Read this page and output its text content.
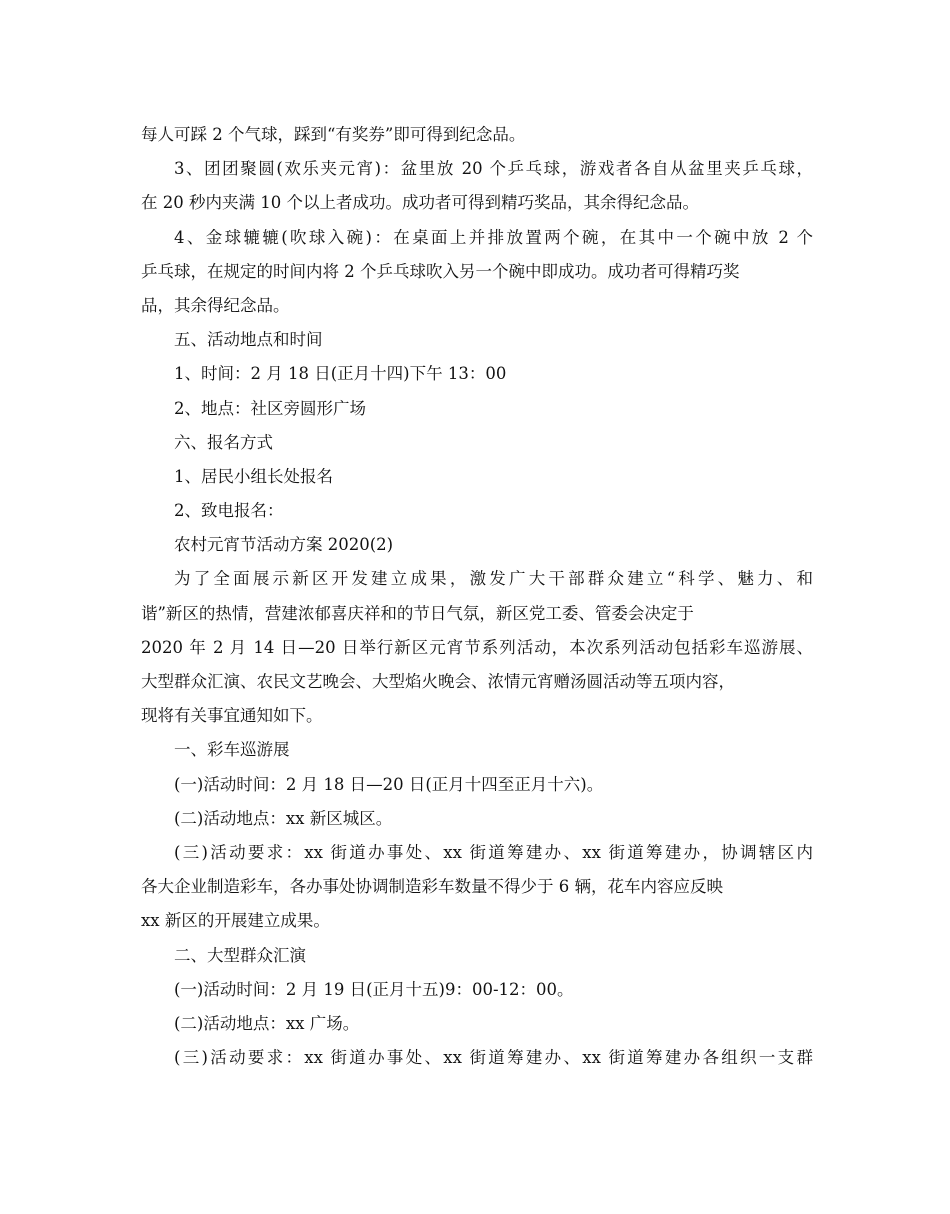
每人可踩 2 个气球，踩到“有奖券”即可得到纪念品。
3、团团聚圆(欢乐夹元宵)：盆里放 20 个乒乓球，游戏者各自从盆里夹乒乓球，
在 20 秒内夹满 10 个以上者成功。成功者可得到精巧奖品，其余得纪念品。
4、金球辘辘(吹球入碗)：在桌面上并排放置两个碗，在其中一个碗中放 2 个
乒乓球，在规定的时间内将 2 个乒乓球吹入另一个碗中即成功。成功者可得精巧奖
品，其余得纪念品。
五、活动地点和时间
1、时间：2 月 18 日(正月十四)下午 13：00
2、地点：社区旁圆形广场
六、报名方式
1、居民小组长处报名
2、致电报名：
农村元宵节活动方案 2020(2)
为了全面展示新区开发建立成果，激发广大干部群众建立“科学、魅力、和
谐”新区的热情，营建浓郁喜庆祥和的节日气氛，新区党工委、管委会决定于
2020 年 2 月 14 日—20 日举行新区元宵节系列活动，本次系列活动包括彩车巡游展、
大型群众汇演、农民文艺晚会、大型焰火晚会、浓情元宵赠汤圆活动等五项内容，
现将有关事宜通知如下。
一、彩车巡游展
(一)活动时间：2 月 18 日—20 日(正月十四至正月十六)。
(二)活动地点：xx 新区城区。
(三)活动要求：xx 街道办事处、xx 街道筹建办、xx 街道筹建办，协调辖区内
各大企业制造彩车，各办事处协调制造彩车数量不得少于 6 辆，花车内容应反映
xx 新区的开展建立成果。
二、大型群众汇演
(一)活动时间：2 月 19 日(正月十五)9：00-12：00。
(二)活动地点：xx 广场。
(三)活动要求：xx 街道办事处、xx 街道筹建办、xx 街道筹建办各组织一支群
